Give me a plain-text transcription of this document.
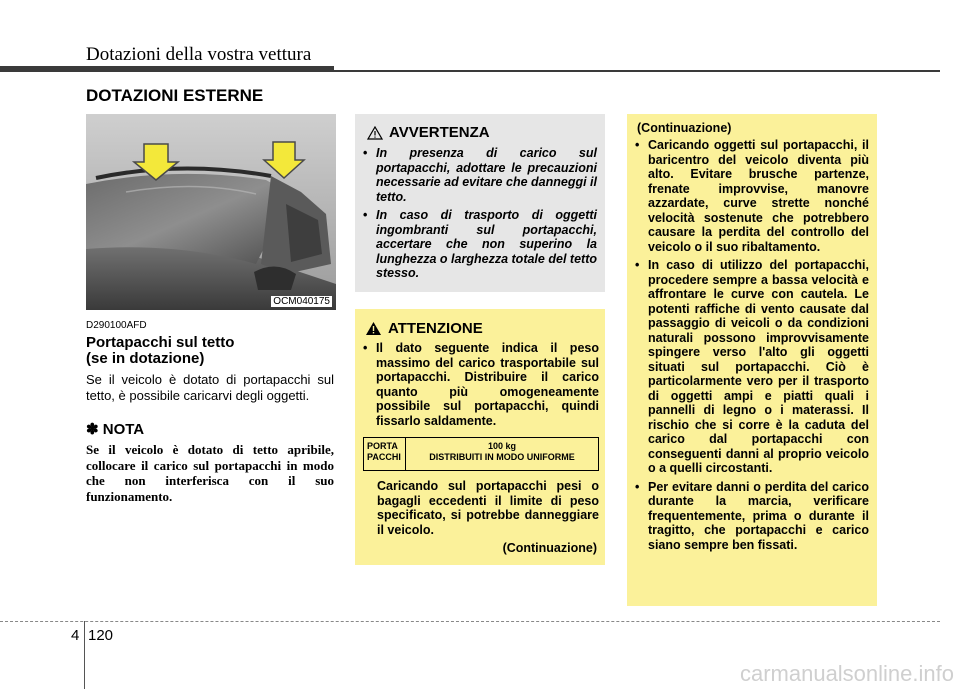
Dotazioni della vostra vettura
DOTAZIONI ESTERNE
OCM040175
D290100AFD
Portapacchi sul tetto
(se in dotazione)
Se il veicolo è dotato di portapacchi sul tetto, è possibile caricarvi degli oggetti.
✽ NOTA
Se il veicolo è dotato di tetto apribile, collocare il carico sul portapacchi in modo che non interferisca con il suo funzionamento.
AVVERTENZA
• In presenza di carico sul portapacchi, adottare le precauzioni necessarie ad evitare che danneggi il tetto.
• In caso di trasporto di oggetti ingombranti sul portapacchi, accertare che non superino la lunghezza o larghezza totale del tetto stesso.
ATTENZIONE
• Il dato seguente indica il peso massimo del carico trasportabile sul portapacchi. Distribuire il carico quanto più omogeneamente possibile sul portapacchi, quindi fissarlo saldamente.
PORTA
PACCHI
100 kg
DISTRIBUITI IN MODO UNIFORME
Caricando sul portapacchi pesi o bagagli eccedenti il limite di peso specificato, si potrebbe danneggiare il veicolo.
(Continuazione)
(Continuazione)
• Caricando oggetti sul portapacchi, il baricentro del veicolo diventa più alto. Evitare brusche partenze, frenate improvvise, manovre azzardate, curve strette nonché velocità sostenute che potrebbero causare la perdita del controllo del veicolo o il suo ribaltamento.
• In caso di utilizzo del portapacchi, procedere sempre a bassa velocità e affrontare le curve con cautela. Le potenti raffiche di vento causate dal passaggio di veicoli o da condizioni naturali possono improvvisamente spingere verso l'alto gli oggetti situati sul portapacchi. Ciò è particolarmente vero per il trasporto di oggetti ampi e piatti quali i pannelli di legno o i materassi. Il rischio che si corre è la caduta del carico dal portapacchi con conseguenti danni al proprio veicolo o a quelli circostanti.
• Per evitare danni o perdita del carico durante la marcia, verificare frequentemente, prima o durante il tragitto, che portapacchi e carico siano sempre ben fissati.
4 120
carmanualsonline.info
